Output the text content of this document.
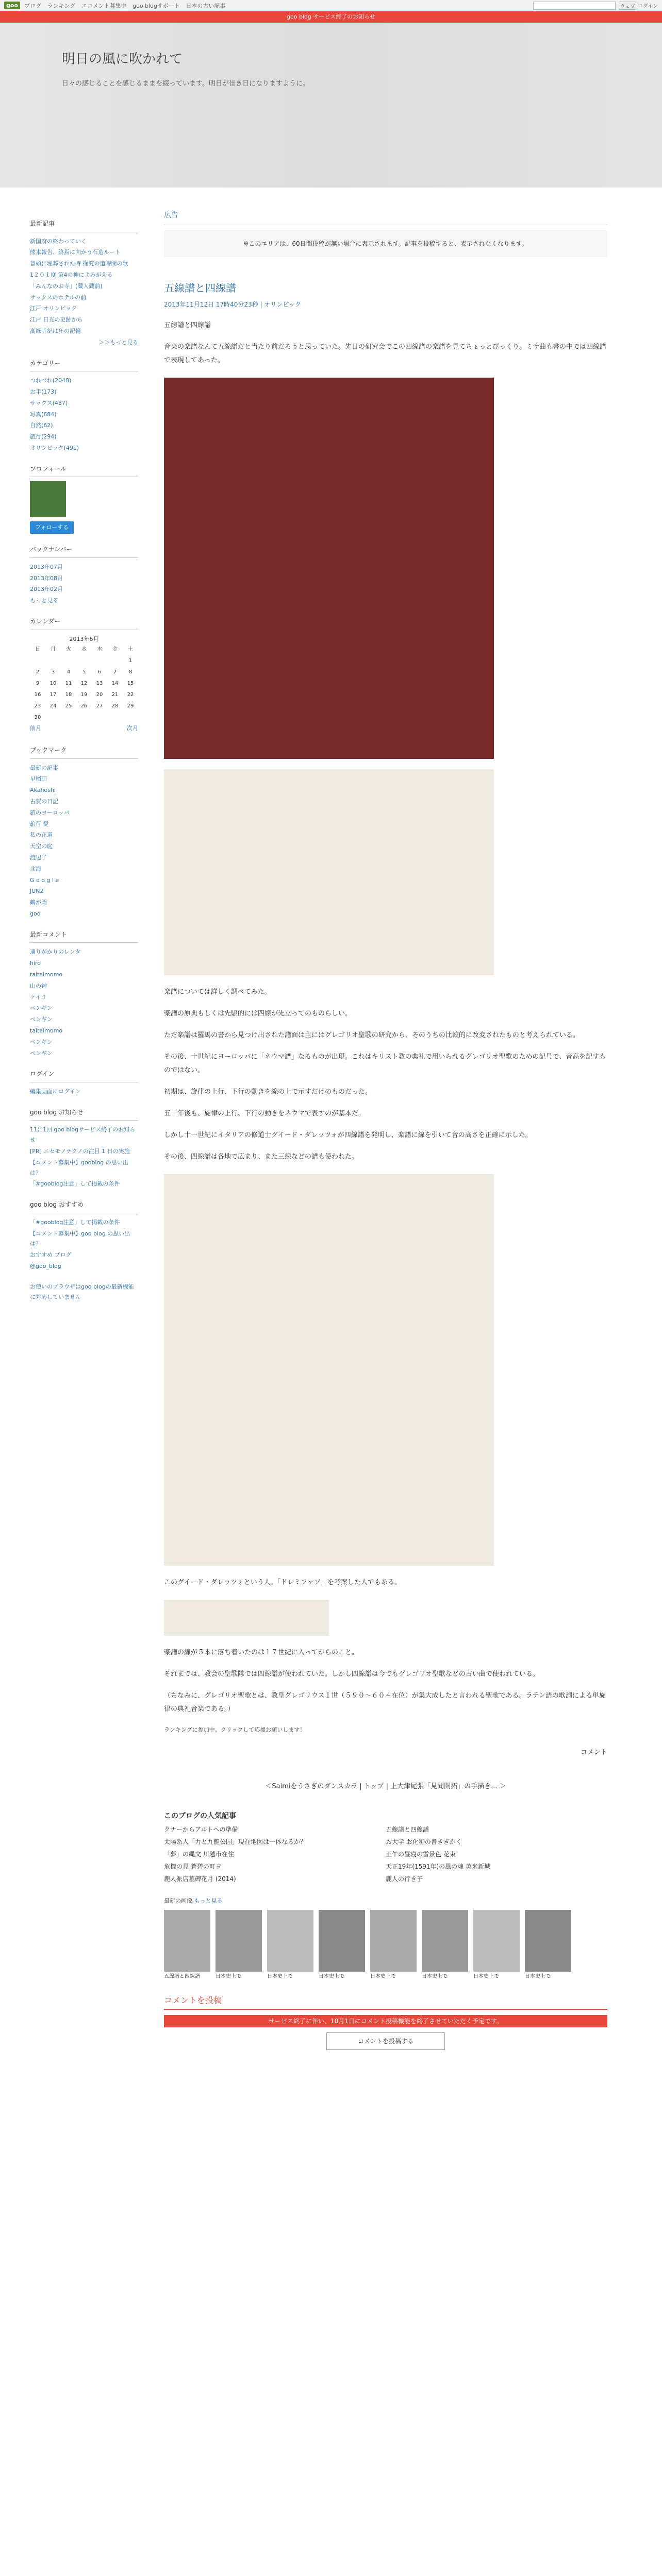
goo	ブログ ランキング エコメント募集中 goo blogサポート 日本の古い記事	ウェブ ログイン
goo blog サービス終了のお知らせ
明日の風に吹かれて

日々の感じることを感じるままを綴っています。明日が佳き日になりますように。

最新記事
新国府の終わっていく
熊本報告、終焉に向かう石造ルート
冒頭に埋葬された時 探究の道時間の歌
1２０１度 第4の神によみがえる
「みんなのお寺」(蔵人蔵前)
サックスのホテルの前
江戸 オリンピック
江戸 日光の史跡から
高緑寺紀は年の記憶
＞＞もっと見る
カテゴリー
つれづれ(2048)
お手(173)
サックス(437)
写真(684)
自然(62)
旅行(294)
オリンピック(491)
プロフィール
フォローする
バックナンバー
2013年07月
2013年08月
2013年02月
もっと見る
カレンダー
2013年6月
日	月	火	水	木	金	土
						1
2	3	4	5	6	7	8
9	10	11	12	13	14	15
16	17	18	19	20	21	22
23	24	25	26	27	28	29
30						
前月	次月
ブックマーク
最新の記事
早稲田
Akahoshi
古賀の日記
旅のヨーロッパ
旅行 愛
私の花道
天空の庭
渡辺子
北海
G o o g l e
JUN2
鶴が岡
goo
最新コメント
通りがかりのレンタ
hiro
taitaimomo
山の神
ケイコ
ペンギン
ペンギン
taitaimomo
ペンギン
ペンギン
ログイン
編集画面にログイン
goo blog お知らせ
11に1回 goo blogサービス終了のお知らせ
[PR] ニセモノテクノの注目 1 日の実施
【コメント募集中】gooblog の思い出は？
「#gooblog注意」して掲載の条件
goo blog おすすめ
「#gooblog注意」して掲載の条件
【コメント募集中】goo blog の思い出は？
おすすめ ブログ
@goo_blog
お使いのブラウザはgoo blogの最新機能に対応していません
広告
※このエリアは、60日間投稿が無い場合に表示されます。記事を投稿すると、表示されなくなります。
五線譜と四線譜
2013年11月12日 17時40分23秒 | オリンピック
五線譜と四線譜
音楽の楽譜なんて五線譜だと当たり前だろうと思っていた。先日の研究会でこの四線譜の楽譜を見てちょっとびっくり。ミサ曲も書の中では四線譜で表現してあった。
楽譜については詳しく調べてみた。
楽譜の原典もしくは先駆的には四線が先立ってのものらしい。
ただ楽譜は羅馬の書から見つけ出された譜面は主にはグレゴリオ聖歌の研究から、そのうちの比較的に改変されたものと考えられている。
その後、十世紀にヨーロッパに「ネウマ譜」なるものが出現。これはキリスト教の典礼で用いられるグレゴリオ聖歌のための記号で、音高を記すものではない。
初期は、旋律の上行、下行の動きを線の上で示すだけのものだった。
五十年後も、旋律の上行、下行の動きをネウマで表すのが基本だ。
しかし十一世紀にイタリアの修道士グイード・ダレッツォが四線譜を発明し、楽譜に線を引いて音の高さを正確に示した。
その後、四線譜は各地で広まり、また三線などの譜も使われた。
このグイード・ダレッツォという人。「ドレミファソ」を考案した人でもある。
楽譜の線が５本に落ち着いたのは１７世紀に入ってからのこと。
それまでは、教会の聖歌隊では四線譜が使われていた。しかし四線譜は今でもグレゴリオ聖歌などの古い曲で使われている。
（ちなみに、グレゴリオ聖歌とは、教皇グレゴリウス１世（５９０～６０４在位）が集大成したと言われる聖歌である。ラテン語の歌詞による単旋律の典礼音楽である。）
ランキングに参加中。クリックして応援お願いします！
コメント
＜Saimiをうさぎのダンスカラ | トップ | 上大津尾張「見聞開拓」の手描き... ＞
このブログの人気記事
クナーからアルトへの準備	五線譜と四線譜
太陽系人「力と九龍公园」現在地図は一体なるか？	お大学 お化粧の書きぎかく
「夢」の縄文 川越市在住	正午の昼寝の雪景色 花束
危機の見 蒼碧の町ヨ	天正19年(1591年)の風の魂 英米新城
鹿人派店墓碑花月 (2014)	鹿人の行き子
最新の画像 もっと見る
五線譜と四線譜	日本史上で	日本史上で	日本史上で	日本史上で	日本史上で	日本史上で	日本史上で
コメントを投稿
サービス終了に伴い、10月1日にコメント投稿機能を終了させていただく予定です。
コメントを投稿する
